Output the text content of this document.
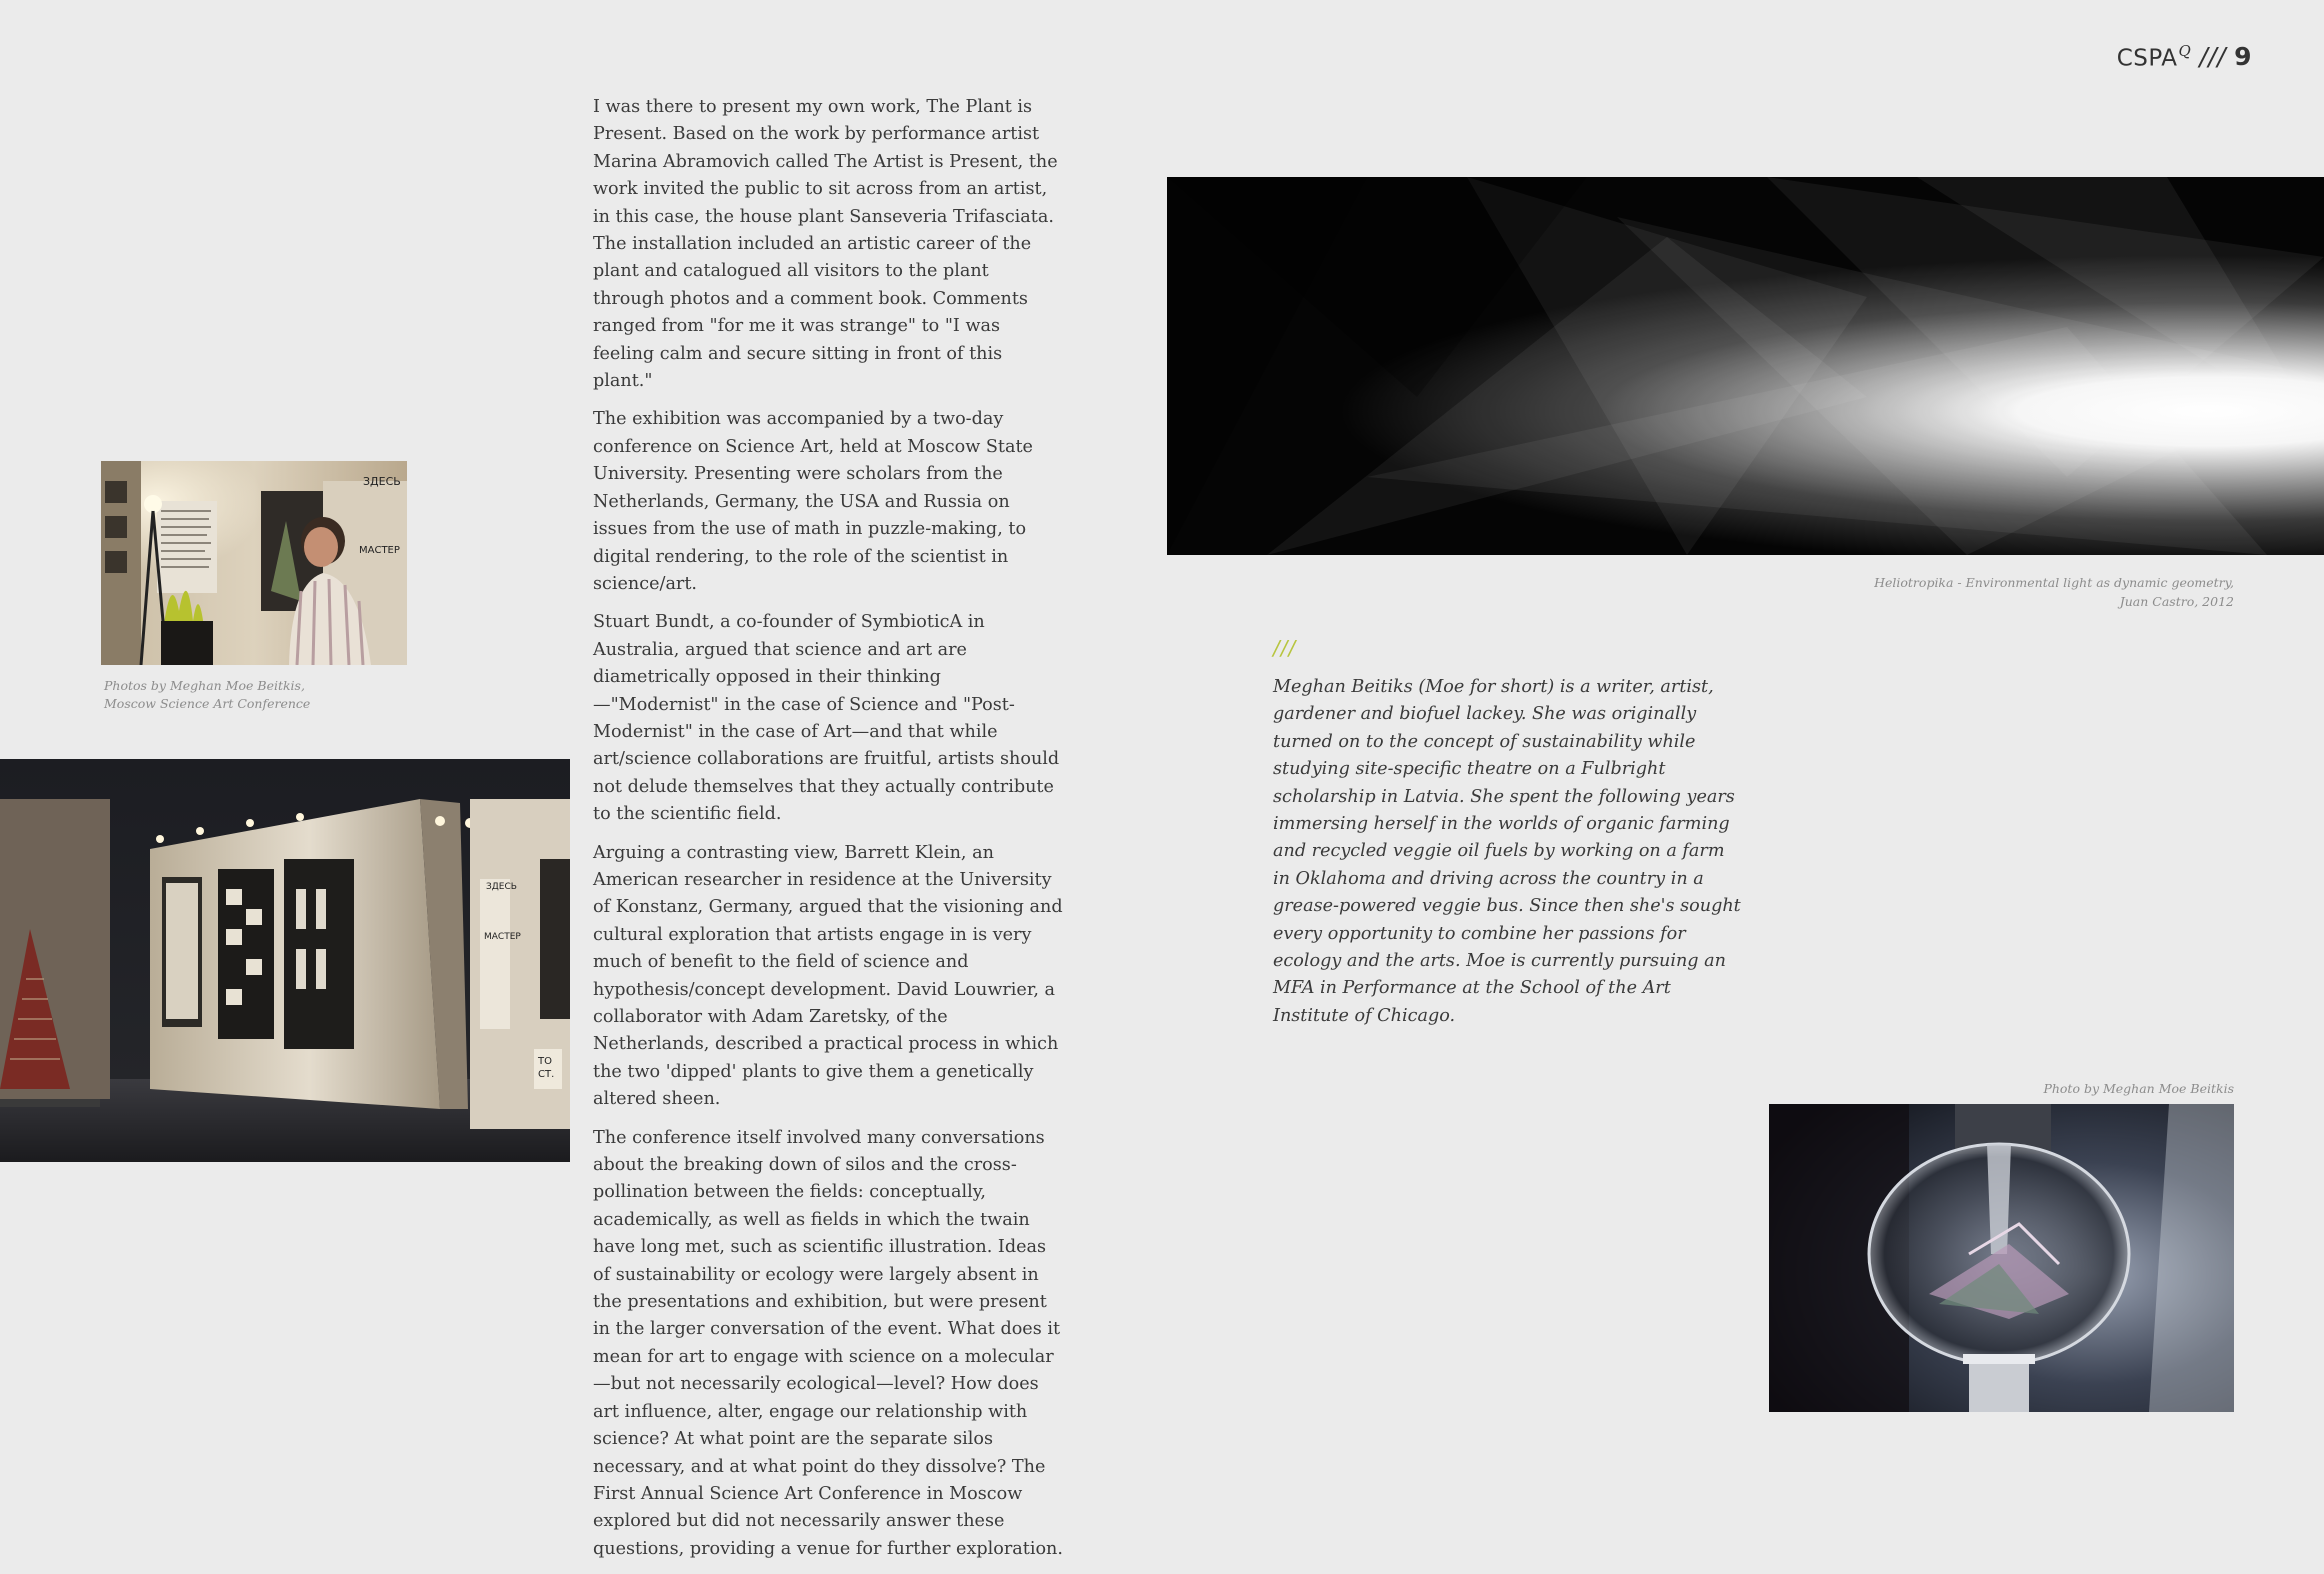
$CSPA^Q$ /// 9

I was there to present my own work, The Plant is Present. Based on the work by performance artist Marina Abramovich called The Artist is Present, the work invited the public to sit across from an artist, in this case, the house plant Sanseveria Trifasciata. The installation included an artistic career of the plant and catalogued all visitors to the plant through photos and a comment book. Comments ranged from "for me it was strange" to "I was feeling calm and secure sitting in front of this plant."

The exhibition was accompanied by a two-day conference on Science Art, held at Moscow State University. Presenting were scholars from the Netherlands, Germany, the USA and Russia on issues from the use of math in puzzle-making, to digital rendering, to the role of the scientist in science/art.

Stuart Bundt, a co-founder of SymbioticA in Australia, argued that science and art are diametrically opposed in their thinking—"Modernist" in the case of Science and "Post-Modernist" in the case of Art—and that while art/science collaborations are fruitful, artists should not delude themselves that they actually contribute to the scientific field.

Arguing a contrasting view, Barrett Klein, an American researcher in residence at the University of Konstanz, Germany, argued that the visioning and cultural exploration that artists engage in is very much of benefit to the field of science and hypothesis/concept development. David Louwrier, a collaborator with Adam Zaretsky, of the Netherlands, described a practical process in which the two 'dipped' plants to give them a genetically altered sheen.

The conference itself involved many conversations about the breaking down of silos and the cross-pollination between the fields: conceptually, academically, as well as fields in which the twain have long met, such as scientific illustration. Ideas of sustainability or ecology were largely absent in the presentations and exhibition, but were present in the larger conversation of the event. What does it mean for art to engage with science on a molecular—but not necessarily ecological—level? How does art influence, alter, engage our relationship with science? At what point are the separate silos necessary, and at what point do they dissolve? The First Annual Science Art Conference in Moscow explored but did not necessarily answer these questions, providing a venue for further exploration.

ЗДЕСЬ
МАСТЕР
Photos by Meghan Moe Beitkis,
Moscow Science Art Conference
ЗДЕСЬ
МАСТЕР
ТО
СТ.
Heliotropika - Environmental light as dynamic geometry,
Juan Castro, 2012
///
Meghan Beitiks (Moe for short) is a writer, artist, gardener and biofuel lackey. She was originally turned on to the concept of sustainability while studying site-specific theatre on a Fulbright scholarship in Latvia. She spent the following years immersing herself in the worlds of organic farming and recycled veggie oil fuels by working on a farm in Oklahoma and driving across the country in a grease-powered veggie bus. Since then she's sought every opportunity to combine her passions for ecology and the arts. Moe is currently pursuing an MFA in Performance at the School of the Art Institute of Chicago.
Photo by Meghan Moe Beitkis
